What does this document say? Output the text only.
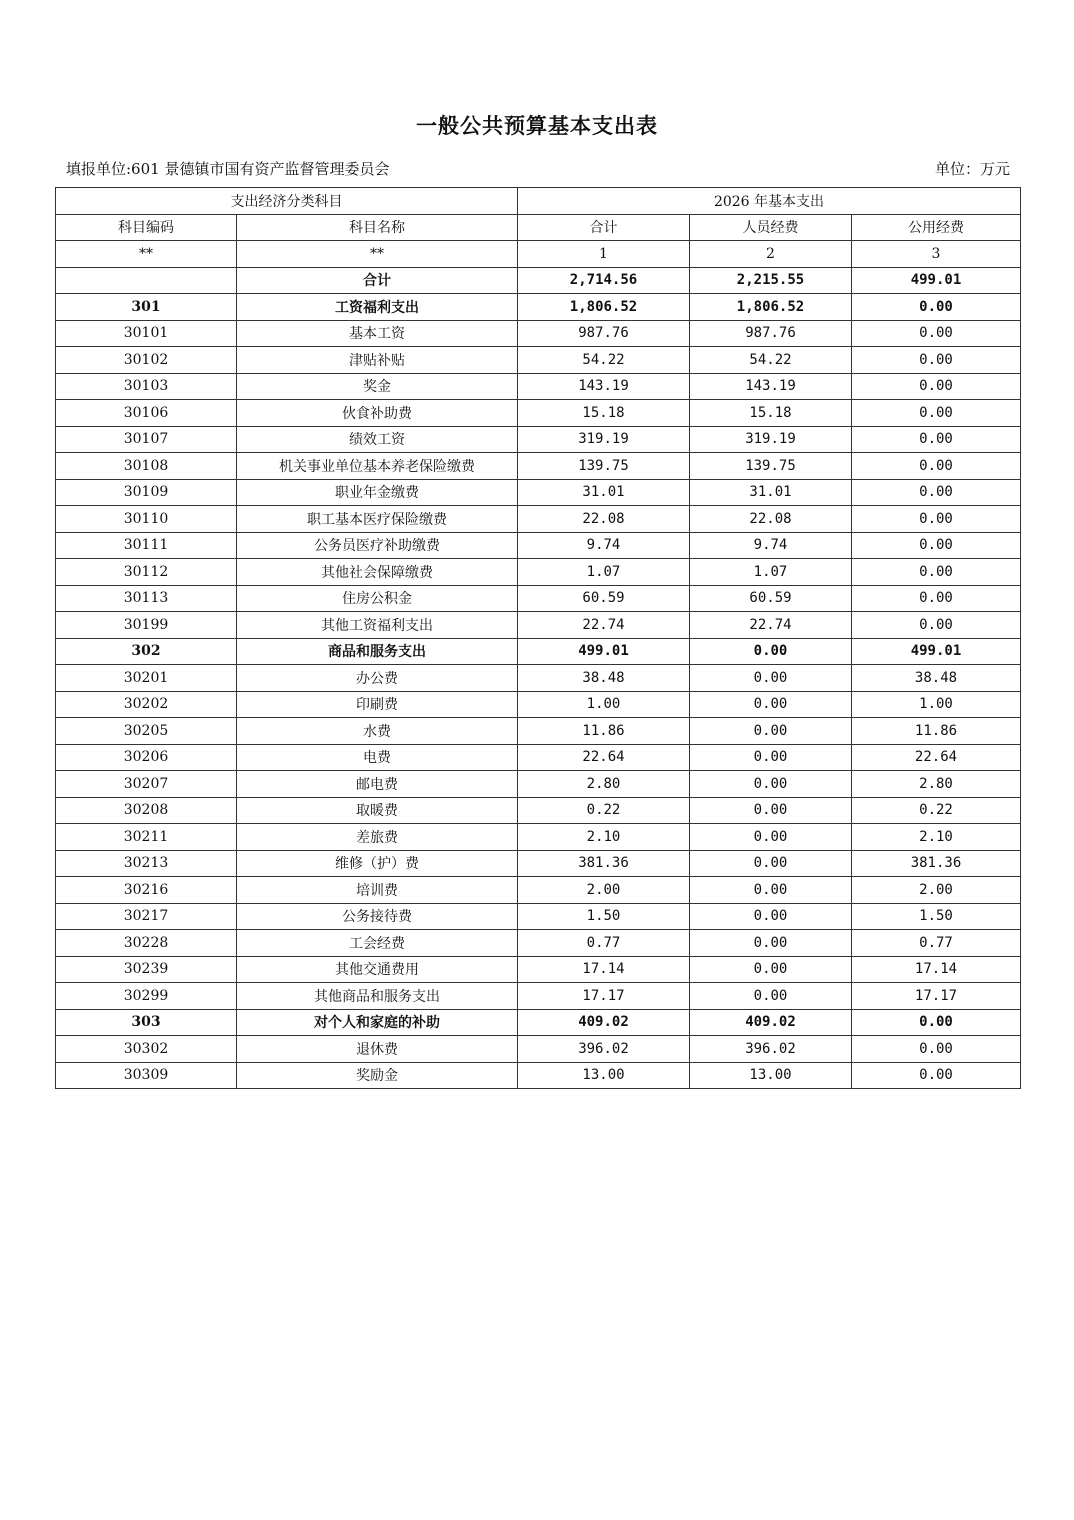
一般公共预算基本支出表
填报单位:601 景德镇市国有资产监督管理委员会	单位：万元
支出经济分类科目		2026 年基本支出		
科目编码	科目名称	合计	人员经费	公用经费
**	**	1	2	3
	合计	2,714.56	2,215.55	499.01
301	工资福利支出	1,806.52	1,806.52	0.00
30101	基本工资	987.76	987.76	0.00
30102	津贴补贴	54.22	54.22	0.00
30103	奖金	143.19	143.19	0.00
30106	伙食补助费	15.18	15.18	0.00
30107	绩效工资	319.19	319.19	0.00
30108	机关事业单位基本养老保险缴费	139.75	139.75	0.00
30109	职业年金缴费	31.01	31.01	0.00
30110	职工基本医疗保险缴费	22.08	22.08	0.00
30111	公务员医疗补助缴费	9.74	9.74	0.00
30112	其他社会保障缴费	1.07	1.07	0.00
30113	住房公积金	60.59	60.59	0.00
30199	其他工资福利支出	22.74	22.74	0.00
302	商品和服务支出	499.01	0.00	499.01
30201	办公费	38.48	0.00	38.48
30202	印刷费	1.00	0.00	1.00
30205	水费	11.86	0.00	11.86
30206	电费	22.64	0.00	22.64
30207	邮电费	2.80	0.00	2.80
30208	取暖费	0.22	0.00	0.22
30211	差旅费	2.10	0.00	2.10
30213	维修（护）费	381.36	0.00	381.36
30216	培训费	2.00	0.00	2.00
30217	公务接待费	1.50	0.00	1.50
30228	工会经费	0.77	0.00	0.77
30239	其他交通费用	17.14	0.00	17.14
30299	其他商品和服务支出	17.17	0.00	17.17
303	对个人和家庭的补助	409.02	409.02	0.00
30302	退休费	396.02	396.02	0.00
30309	奖励金	13.00	13.00	0.00
